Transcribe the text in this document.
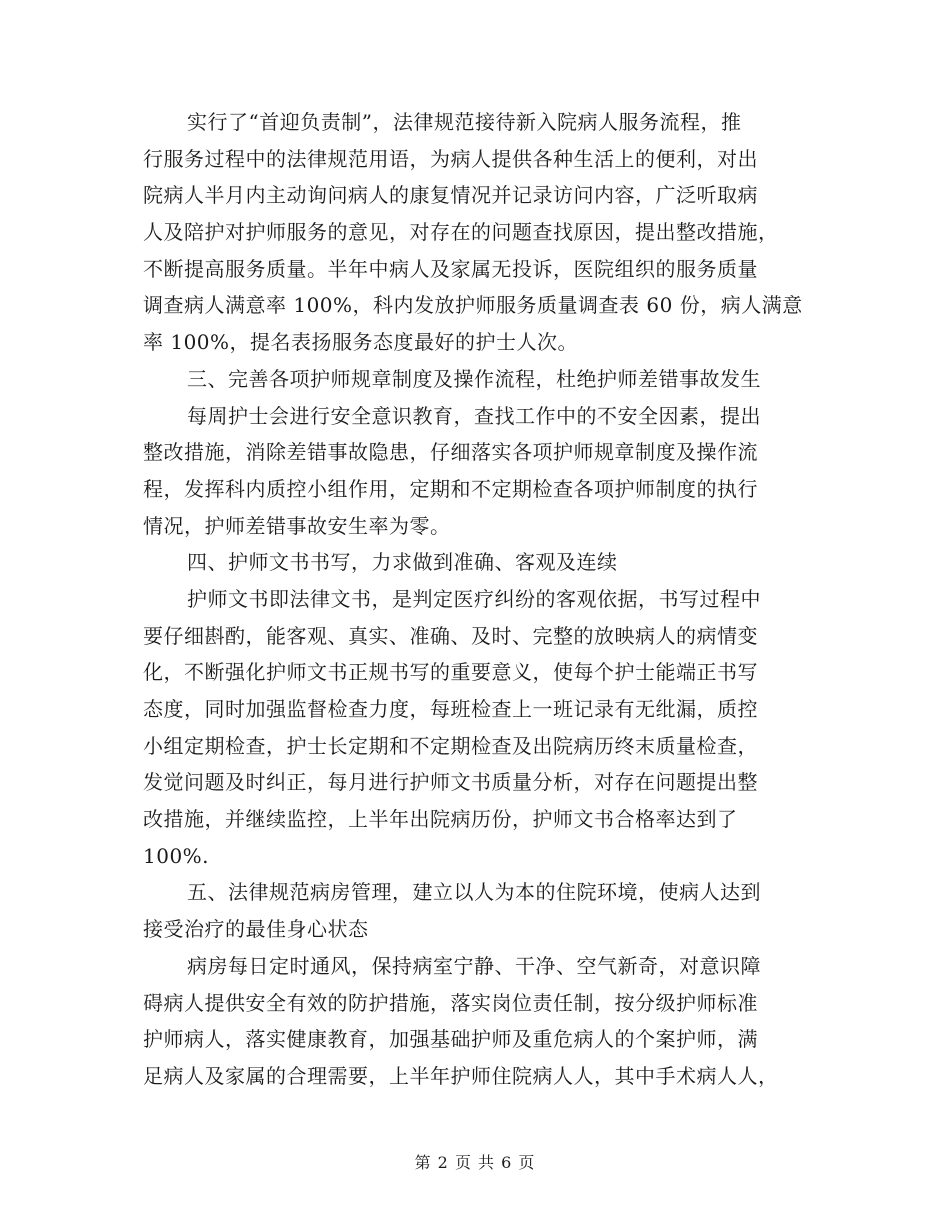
实行了“首迎负责制”，法律规范接待新入院病人服务流程，推
行服务过程中的法律规范用语，为病人提供各种生活上的便利，对出
院病人半月内主动询问病人的康复情况并记录访问内容，广泛听取病
人及陪护对护师服务的意见，对存在的问题查找原因，提出整改措施，
不断提高服务质量。半年中病人及家属无投诉，医院组织的服务质量
调查病人满意率 100%，科内发放护师服务质量调查表 60 份，病人满意
率 100%，提名表扬服务态度最好的护士人次。
三、完善各项护师规章制度及操作流程，杜绝护师差错事故发生
每周护士会进行安全意识教育，查找工作中的不安全因素，提出
整改措施，消除差错事故隐患，仔细落实各项护师规章制度及操作流
程，发挥科内质控小组作用，定期和不定期检查各项护师制度的执行
情况，护师差错事故安生率为零。
四、护师文书书写，力求做到准确、客观及连续
护师文书即法律文书，是判定医疗纠纷的客观依据，书写过程中
要仔细斟酌，能客观、真实、准确、及时、完整的放映病人的病情变
化，不断强化护师文书正规书写的重要意义，使每个护士能端正书写
态度，同时加强监督检查力度，每班检查上一班记录有无纰漏，质控
小组定期检查，护士长定期和不定期检查及出院病历终末质量检查，
发觉问题及时纠正，每月进行护师文书质量分析，对存在问题提出整
改措施，并继续监控，上半年出院病历份，护师文书合格率达到了
100%.
五、法律规范病房管理，建立以人为本的住院环境，使病人达到
接受治疗的最佳身心状态
病房每日定时通风，保持病室宁静、干净、空气新奇，对意识障
碍病人提供安全有效的防护措施，落实岗位责任制，按分级护师标准
护师病人，落实健康教育，加强基础护师及重危病人的个案护师，满
足病人及家属的合理需要，上半年护师住院病人人，其中手术病人人，
第 2 页 共 6 页
